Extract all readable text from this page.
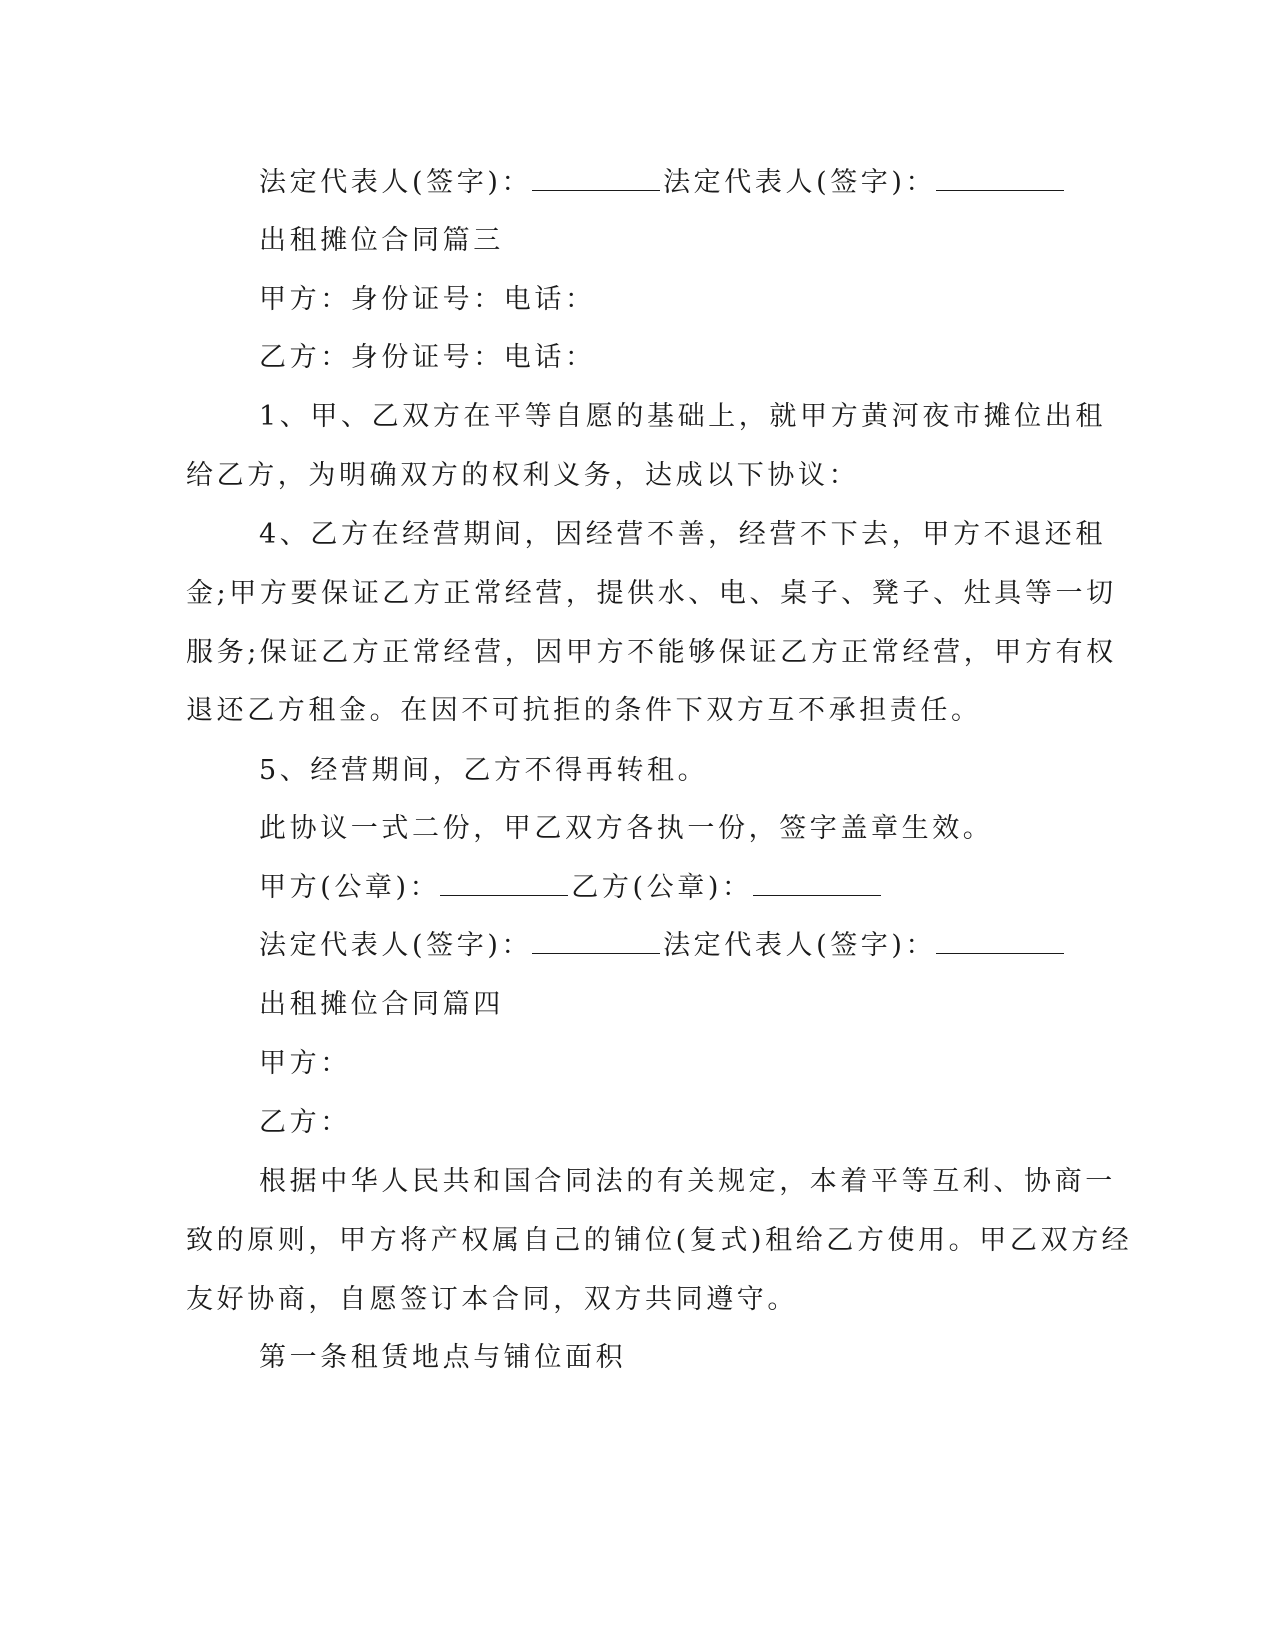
法定代表人(签字)：	法定代表人(签字)：
出租摊位合同篇三
甲方：身份证号：电话：
乙方：身份证号：电话：
1、甲、乙双方在平等自愿的基础上，就甲方黄河夜市摊位出租
给乙方，为明确双方的权利义务，达成以下协议：
4、乙方在经营期间，因经营不善，经营不下去，甲方不退还租
金;甲方要保证乙方正常经营，提供水、电、桌子、凳子、灶具等一切
服务;保证乙方正常经营，因甲方不能够保证乙方正常经营，甲方有权
退还乙方租金。在因不可抗拒的条件下双方互不承担责任。
5、经营期间，乙方不得再转租。
此协议一式二份，甲乙双方各执一份，签字盖章生效。
甲方(公章)：	乙方(公章)：
法定代表人(签字)：	法定代表人(签字)：
出租摊位合同篇四
甲方：
乙方：
根据中华人民共和国合同法的有关规定，本着平等互利、协商一
致的原则，甲方将产权属自己的铺位(复式)租给乙方使用。甲乙双方经
友好协商，自愿签订本合同，双方共同遵守。
第一条租赁地点与铺位面积
